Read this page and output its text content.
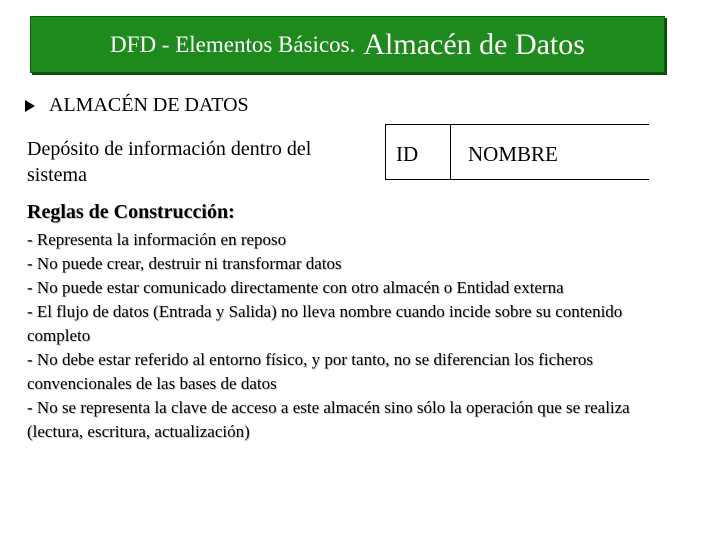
DFD - Elementos Básicos. Almacén de Datos
ALMACÉN DE DATOS
Depósito de información dentro del sistema
ID NOMBRE
Reglas de Construcción:
- Representa la información en reposo
- No puede crear, destruir ni transformar datos
- No puede estar comunicado directamente con otro almacén o Entidad externa
- El flujo de datos (Entrada y Salida) no lleva nombre cuando incide sobre su contenido completo
- No debe estar referido al entorno físico, y por tanto, no se diferencian los ficheros convencionales de las bases de datos
- No se representa la clave de acceso a este almacén sino sólo la operación que se realiza (lectura, escritura, actualización)
